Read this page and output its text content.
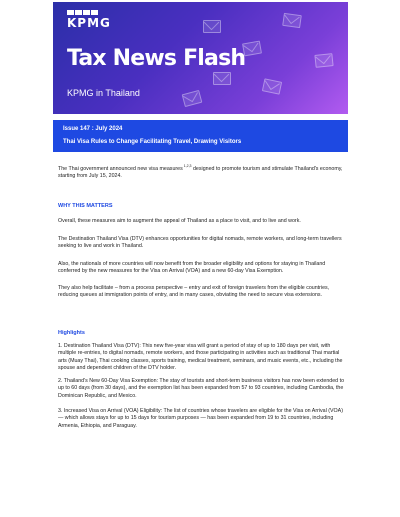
KPMG
Tax News Flash
KPMG in Thailand
Issue 147 : July 2024
Thai Visa Rules to Change Facilitating Travel, Drawing Visitors
The Thai government announced new visa measures $^{1,2,3}$ designed to promote tourism and stimulate Thailand's economy, starting from July 15, 2024.
WHY THIS MATTERS
Overall, these measures aim to augment the appeal of Thailand as a place to visit, and to live and work.
The Destination Thailand Visa (DTV) enhances opportunities for digital nomads, remote workers, and long-term travellers seeking to live and work in Thailand.
Also, the nationals of more countries will now benefit from the broader eligibility and options for staying in Thailand conferred by the new measures for the Visa on Arrival (VOA) and a new 60-day Visa Exemption.
They also help facilitate – from a process perspective – entry and exit of foreign travelers from the eligible countries, reducing queues at immigration points of entry, and in many cases, obviating the need to secure visa extensions.
Highlights
1. Destination Thailand Visa (DTV): This new five-year visa will grant a period of stay of up to 180 days per visit, with multiple re-entries, to digital nomads, remote workers, and those participating in activities such as traditional Thai martial arts (Muay Thai), Thai cooking classes, sports training, medical treatment, seminars, and music events, etc., including the spouse and dependent children of the DTV holder.
2. Thailand's New 60-Day Visa Exemption: The stay of tourists and short-term business visitors has now been extended to up to 60 days (from 30 days), and the exemption list has been expanded from 57 to 93 countries, including Cambodia, the Dominican Republic, and Mexico.
3. Increased Visa on Arrival (VOA) Eligibility: The list of countries whose travelers are eligible for the Visa on Arrival (VOA) — which allows stays for up to 15 days for tourism purposes — has been expanded from 19 to 31 countries, including Armenia, Ethiopia, and Paraguay.
